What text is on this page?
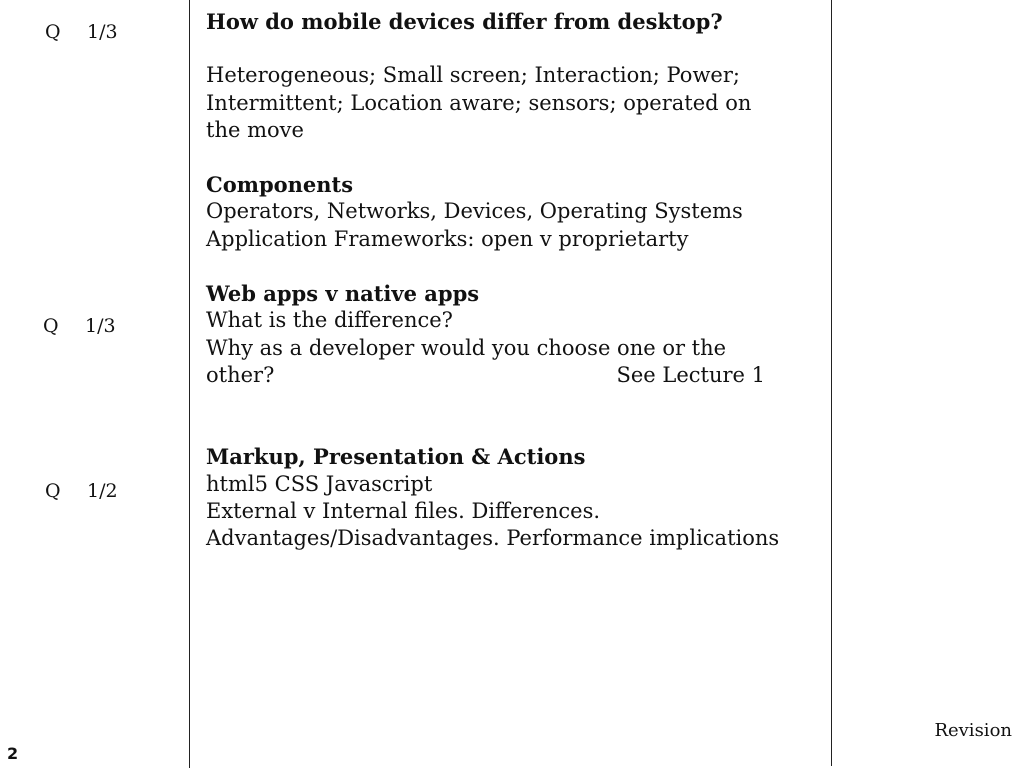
Q 1/3
Q 1/3
Q 1/2

How do mobile devices differ from desktop?

Heterogeneous; Small screen; Interaction; Power;

Intermittent; Location aware; sensors; operated on

the move

Components

Operators, Networks, Devices, Operating Systems

Application Frameworks: open v proprietarty

Web apps v native apps

What is the difference?

Why as a developer would you choose one or the

other?	See Lecture 1

Markup, Presentation & Actions

html5 CSS Javascript

External v Internal files. Differences.

Advantages/Disadvantages. Performance implications

2
Revision
